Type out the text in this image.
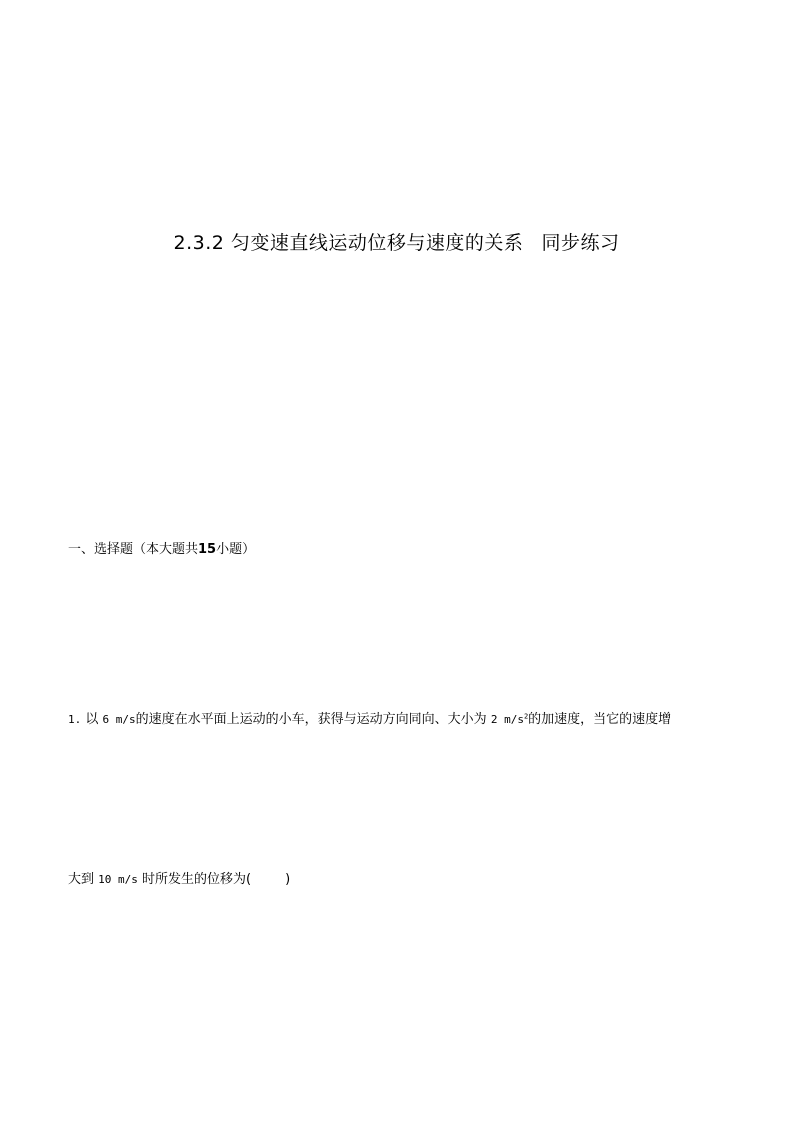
2.3.2 匀变速直线运动位移与速度的关系 同步练习
一、选择题（本大题共15小题）
1. 以 6 m/s的速度在水平面上运动的小车，获得与运动方向同向、大小为 2 $m/s^2$的加速度，当它的速度增
大到 10 m/s 时所发生的位移为(	)
